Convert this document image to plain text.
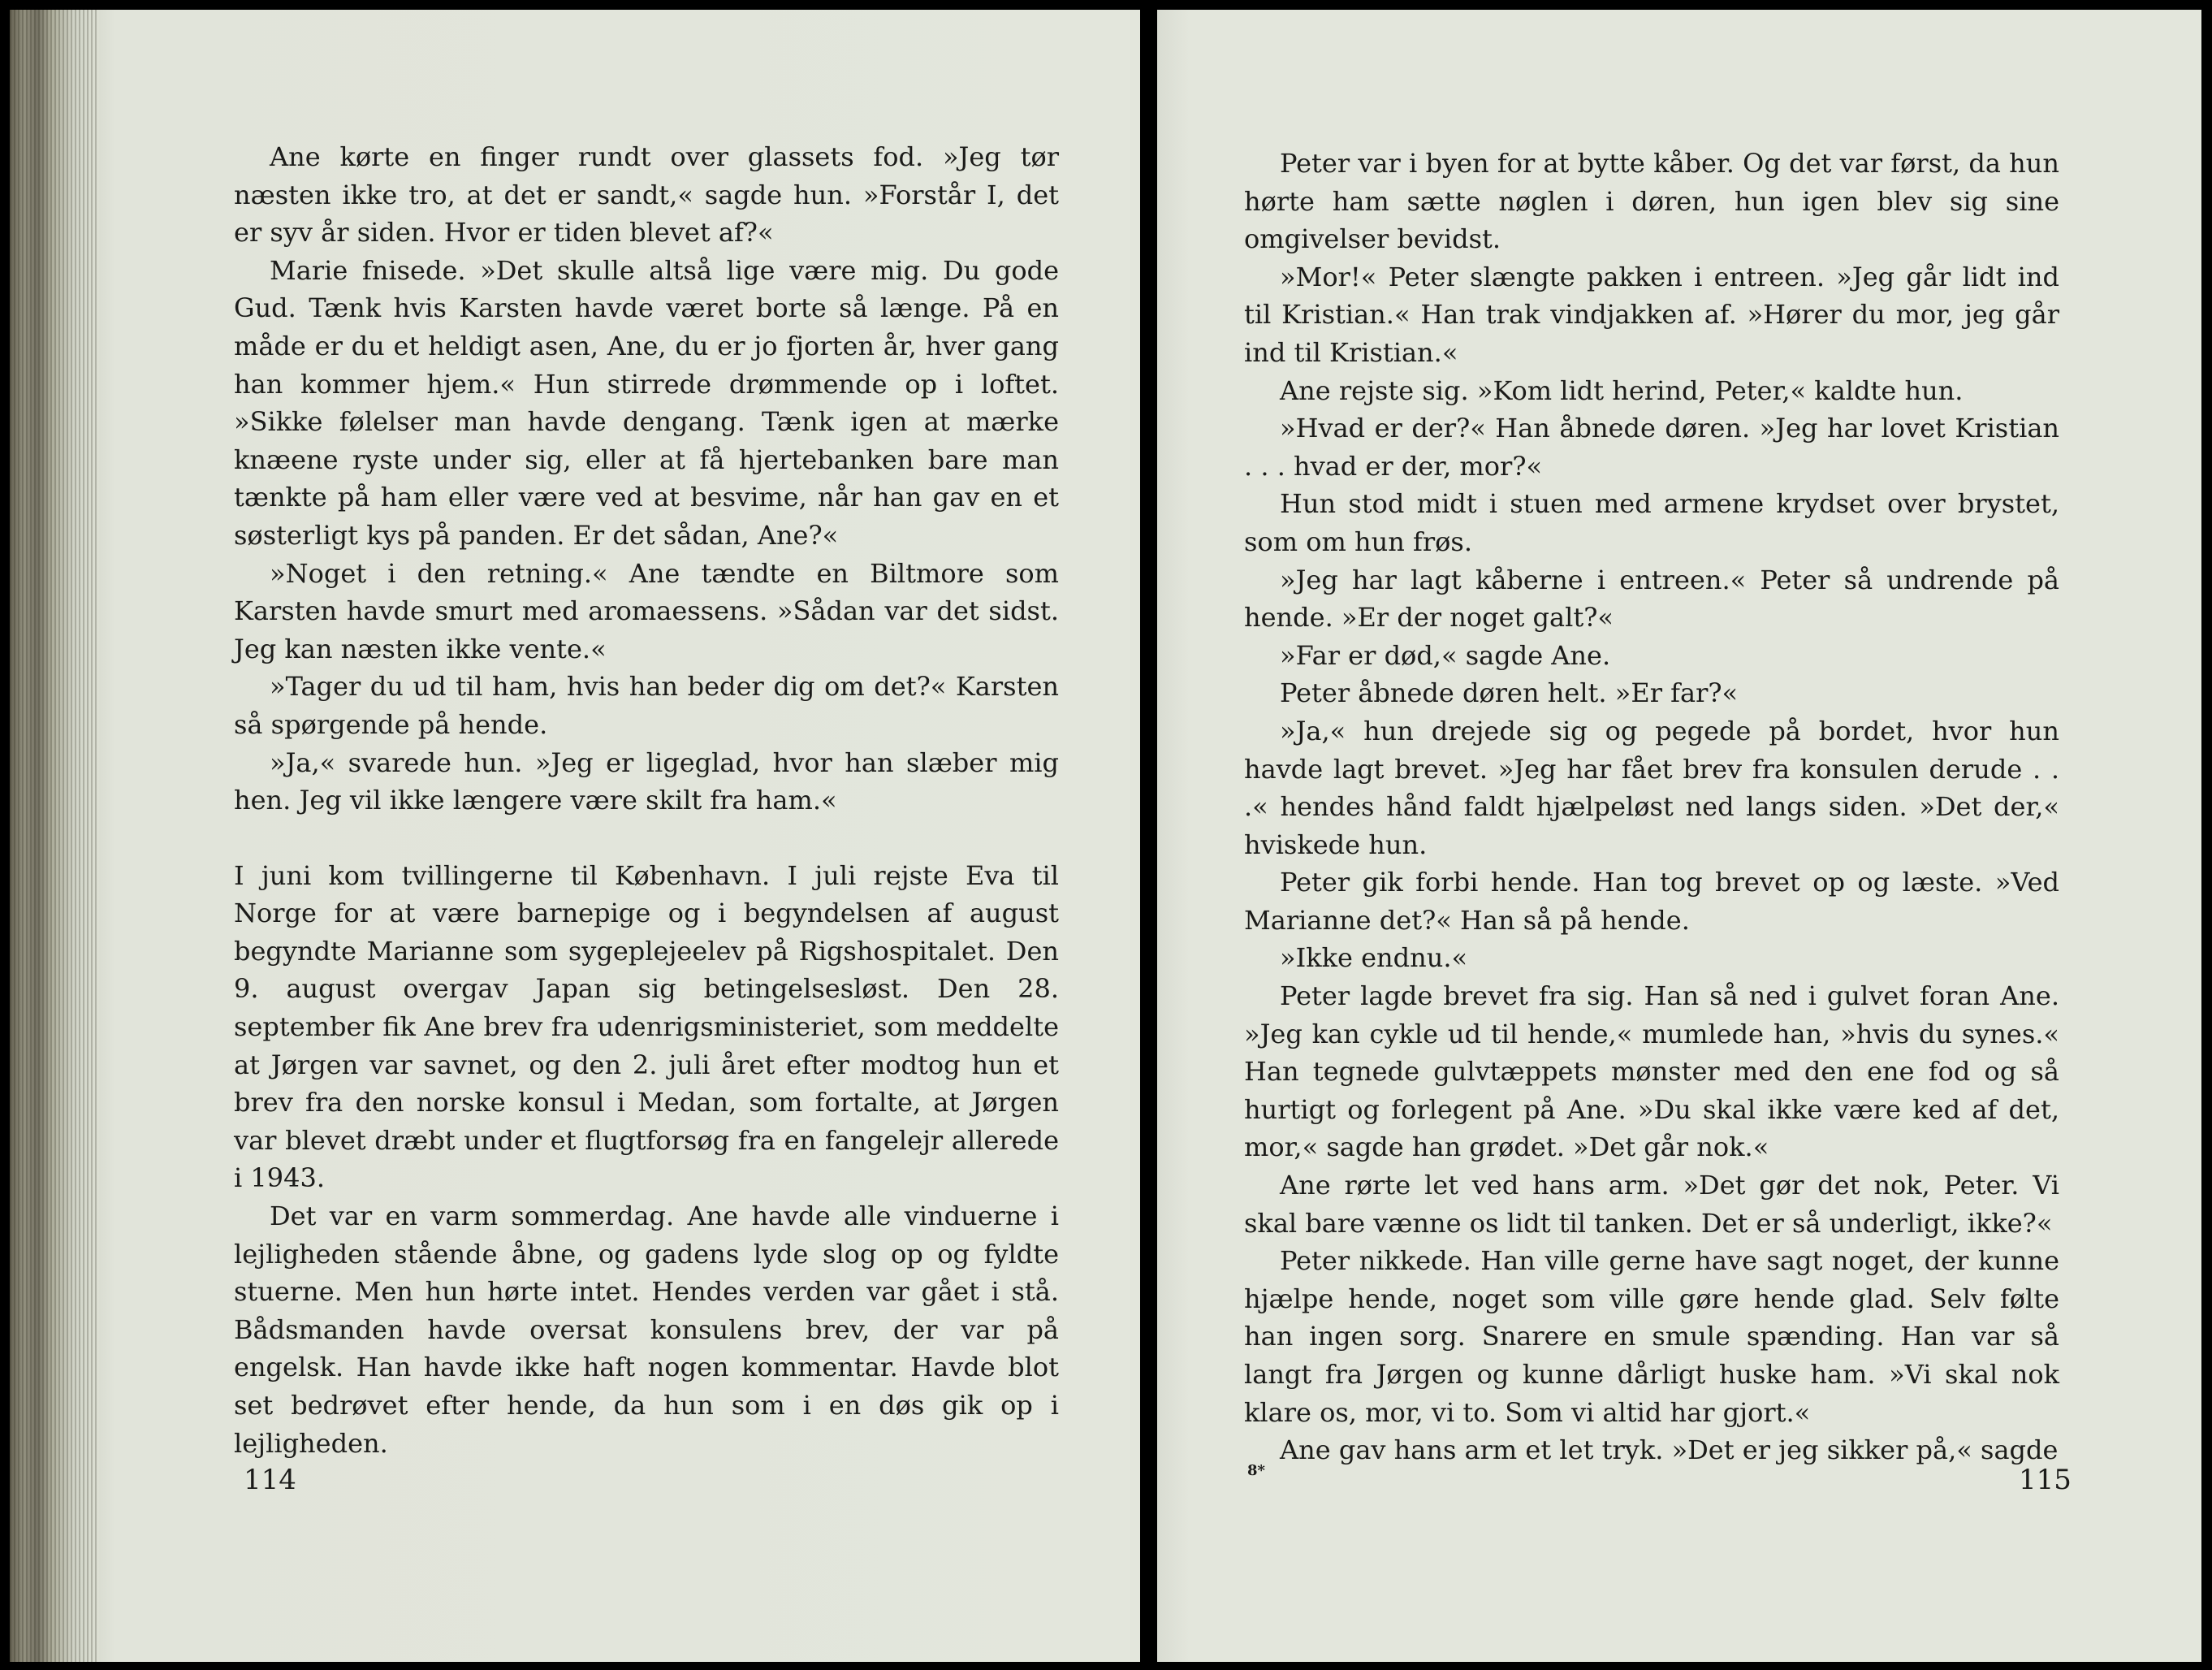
Ane kørte en finger rundt over glassets fod. »Jeg tør næsten ikke tro, at det er sandt,« sagde hun. »Forstår I, det er syv år siden. Hvor er tiden blevet af?«

Marie fnisede. »Det skulle altså lige være mig. Du gode Gud. Tænk hvis Karsten havde været borte så længe. På en måde er du et heldigt asen, Ane, du er jo fjorten år, hver gang han kommer hjem.« Hun stirrede drømmende op i loftet. »Sikke følelser man havde dengang. Tænk igen at mærke knæene ryste under sig, eller at få hjertebanken bare man tænkte på ham eller være ved at besvime, når han gav en et søsterligt kys på panden. Er det sådan, Ane?«

»Noget i den retning.« Ane tændte en Biltmore som Karsten havde smurt med aromaessens. »Sådan var det sidst. Jeg kan næsten ikke vente.«

»Tager du ud til ham, hvis han beder dig om det?« Karsten så spørgende på hende.

»Ja,« svarede hun. »Jeg er ligeglad, hvor han slæber mig hen. Jeg vil ikke længere være skilt fra ham.«

I juni kom tvillingerne til København. I juli rejste Eva til Norge for at være barnepige og i begyndelsen af august begyndte Marianne som sygeplejeelev på Rigshospitalet. Den 9. august overgav Japan sig betingelsesløst. Den 28. september fik Ane brev fra udenrigsministeriet, som meddelte at Jørgen var savnet, og den 2. juli året efter modtog hun et brev fra den norske konsul i Medan, som fortalte, at Jørgen var blevet dræbt under et flugtforsøg fra en fangelejr allerede i 1943.

Det var en varm sommerdag. Ane havde alle vinduerne i lejligheden stående åbne, og gadens lyde slog op og fyldte stuerne. Men hun hørte intet. Hendes verden var gået i stå. Bådsmanden havde oversat konsulens brev, der var på engelsk. Han havde ikke haft nogen kommentar. Havde blot set bedrøvet efter hende, da hun som i en døs gik op i lejligheden.

114

Peter var i byen for at bytte kåber. Og det var først, da hun hørte ham sætte nøglen i døren, hun igen blev sig sine omgivelser bevidst.

»Mor!« Peter slængte pakken i entreen. »Jeg går lidt ind til Kristian.« Han trak vindjakken af. »Hører du mor, jeg går ind til Kristian.«

Ane rejste sig. »Kom lidt herind, Peter,« kaldte hun.

»Hvad er der?« Han åbnede døren. »Jeg har lovet Kristian . . . hvad er der, mor?«

Hun stod midt i stuen med armene krydset over brystet, som om hun frøs.

»Jeg har lagt kåberne i entreen.« Peter så undrende på hende. »Er der noget galt?«

»Far er død,« sagde Ane.

Peter åbnede døren helt. »Er far?«

»Ja,« hun drejede sig og pegede på bordet, hvor hun havde lagt brevet. »Jeg har fået brev fra konsulen derude . . .« hendes hånd faldt hjælpeløst ned langs siden. »Det der,« hviskede hun.

Peter gik forbi hende. Han tog brevet op og læste. »Ved Marianne det?« Han så på hende.

»Ikke endnu.«

Peter lagde brevet fra sig. Han så ned i gulvet foran Ane. »Jeg kan cykle ud til hende,« mumlede han, »hvis du synes.« Han tegnede gulvtæppets mønster med den ene fod og så hurtigt og forlegent på Ane. »Du skal ikke være ked af det, mor,« sagde han grødet. »Det går nok.«

Ane rørte let ved hans arm. »Det gør det nok, Peter. Vi skal bare vænne os lidt til tanken. Det er så underligt, ikke?«

Peter nikkede. Han ville gerne have sagt noget, der kunne hjælpe hende, noget som ville gøre hende glad. Selv følte han ingen sorg. Snarere en smule spænding. Han var så langt fra Jørgen og kunne dårligt huske ham. »Vi skal nok klare os, mor, vi to. Som vi altid har gjort.«

Ane gav hans arm et let tryk. »Det er jeg sikker på,« sagde

8*	115
